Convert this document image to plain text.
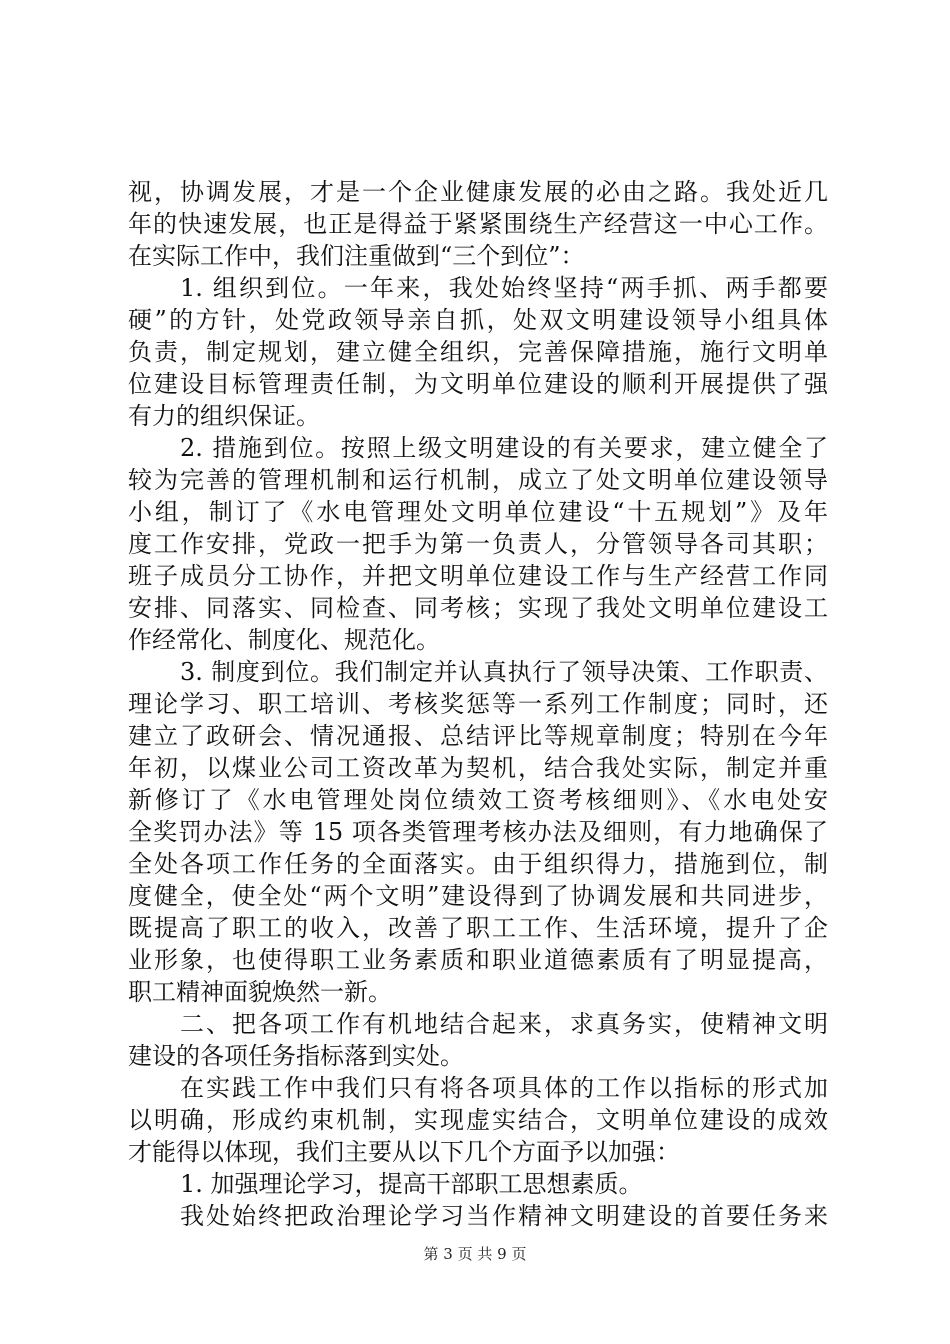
视，协调发展，才是一个企业健康发展的必由之路。我处近几
年的快速发展，也正是得益于紧紧围绕生产经营这一中心工作。
在实际工作中，我们注重做到“三个到位”：
1. 组织到位。一年来，我处始终坚持“两手抓、两手都要
硬”的方针，处党政领导亲自抓，处双文明建设领导小组具体
负责，制定规划，建立健全组织，完善保障措施，施行文明单
位建设目标管理责任制，为文明单位建设的顺利开展提供了强
有力的组织保证。
2. 措施到位。按照上级文明建设的有关要求，建立健全了
较为完善的管理机制和运行机制，成立了处文明单位建设领导
小组，制订了《水电管理处文明单位建设“十五规划”》及年
度工作安排，党政一把手为第一负责人，分管领导各司其职；
班子成员分工协作，并把文明单位建设工作与生产经营工作同
安排、同落实、同检查、同考核；实现了我处文明单位建设工
作经常化、制度化、规范化。
3. 制度到位。我们制定并认真执行了领导决策、工作职责、
理论学习、职工培训、考核奖惩等一系列工作制度；同时，还
建立了政研会、情况通报、总结评比等规章制度；特别在今年
年初，以煤业公司工资改革为契机，结合我处实际，制定并重
新修订了《水电管理处岗位绩效工资考核细则》、《水电处安
全奖罚办法》等 15 项各类管理考核办法及细则，有力地确保了
全处各项工作任务的全面落实。由于组织得力，措施到位，制
度健全，使全处“两个文明”建设得到了协调发展和共同进步，
既提高了职工的收入，改善了职工工作、生活环境，提升了企
业形象，也使得职工业务素质和职业道德素质有了明显提高，
职工精神面貌焕然一新。
二、把各项工作有机地结合起来，求真务实，使精神文明
建设的各项任务指标落到实处。
在实践工作中我们只有将各项具体的工作以指标的形式加
以明确，形成约束机制，实现虚实结合，文明单位建设的成效
才能得以体现，我们主要从以下几个方面予以加强：
1. 加强理论学习，提高干部职工思想素质。
我处始终把政治理论学习当作精神文明建设的首要任务来
第 3 页 共 9 页
